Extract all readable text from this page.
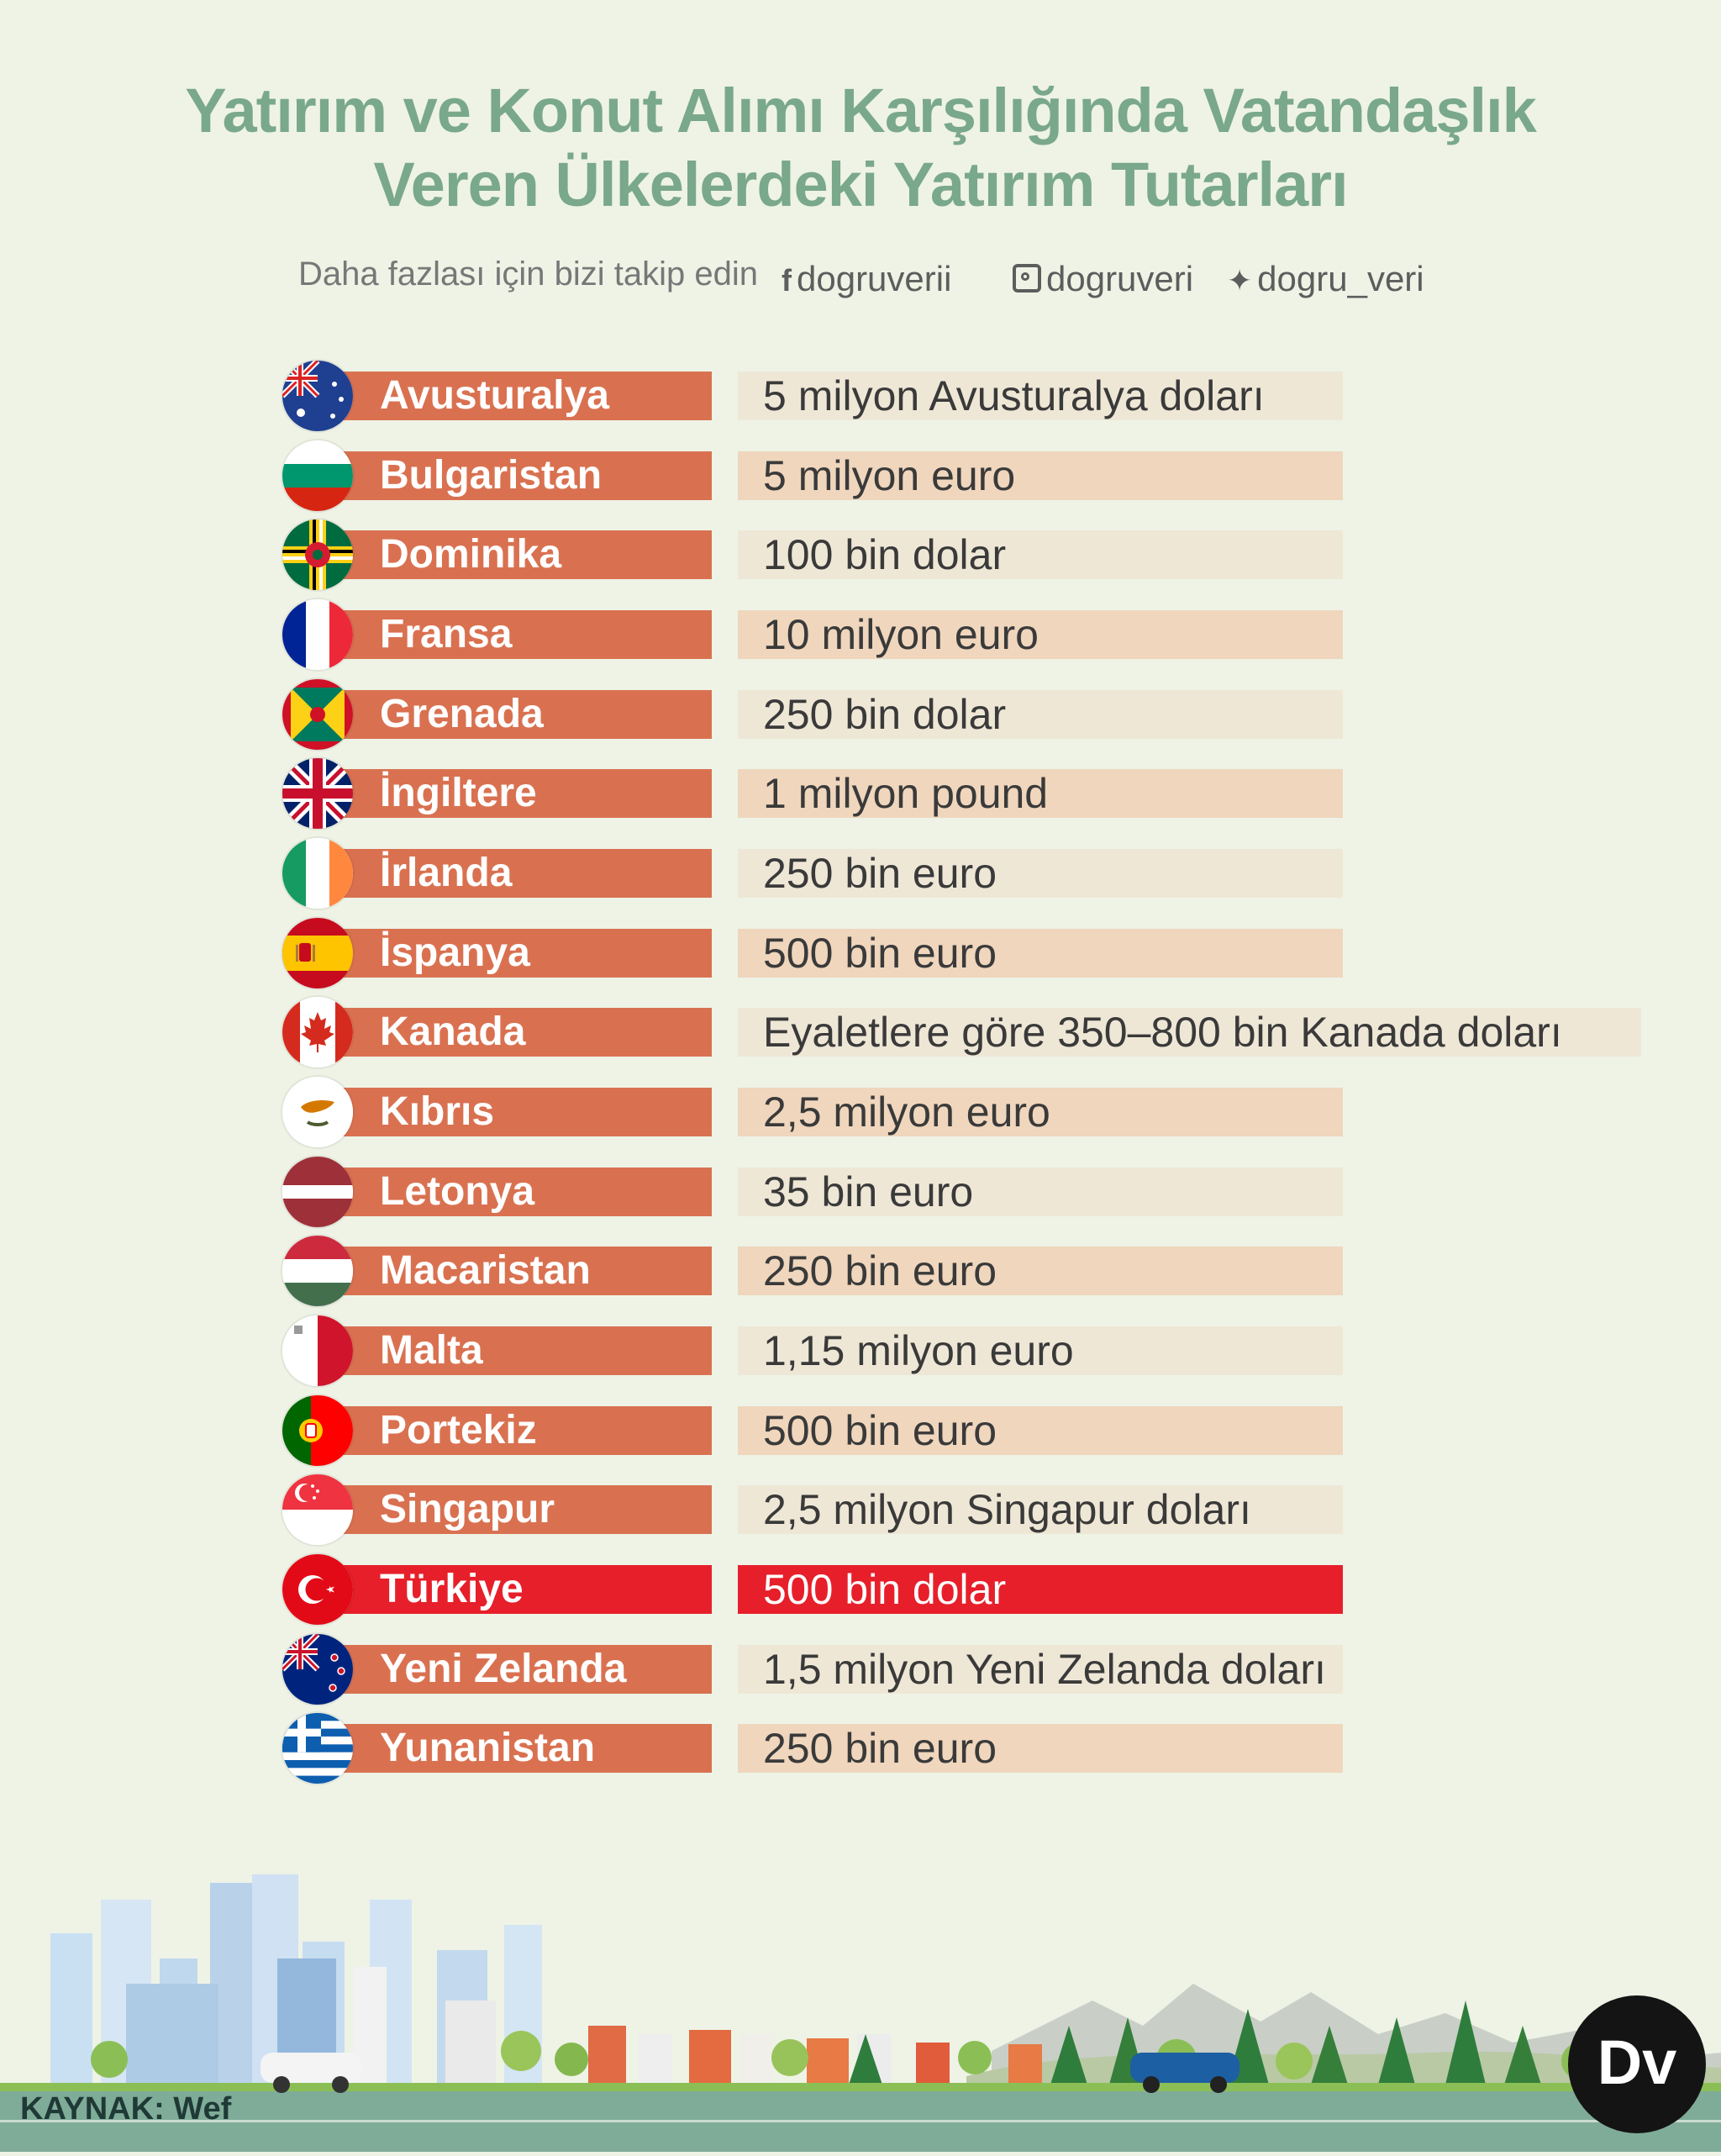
Yatırım ve Konut Alımı Karşılığında Vatandaşlık
Veren Ülkelerdeki Yatırım Tutarları
Daha fazlası için bizi takip edin f dogruverii	dogruveri ✦ dogru_veri
Avusturalya	5 milyon Avusturalya doları
Bulgaristan	5 milyon euro
Dominika	100 bin dolar
Fransa	10 milyon euro
Grenada	250 bin dolar
İngiltere	1 milyon pound
İrlanda	250 bin euro
İspanya	500 bin euro
Kanada	Eyaletlere göre 350–800 bin Kanada doları
Kıbrıs	2,5 milyon euro
Letonya	35 bin euro
Macaristan	250 bin euro
Malta	1,15 milyon euro
Portekiz	500 bin euro
Singapur	2,5 milyon Singapur doları
Türkiye	500 bin dolar
Yeni Zelanda	1,5 milyon Yeni Zelanda doları
Yunanistan	250 bin euro
KAYNAK: Wef
Dv
